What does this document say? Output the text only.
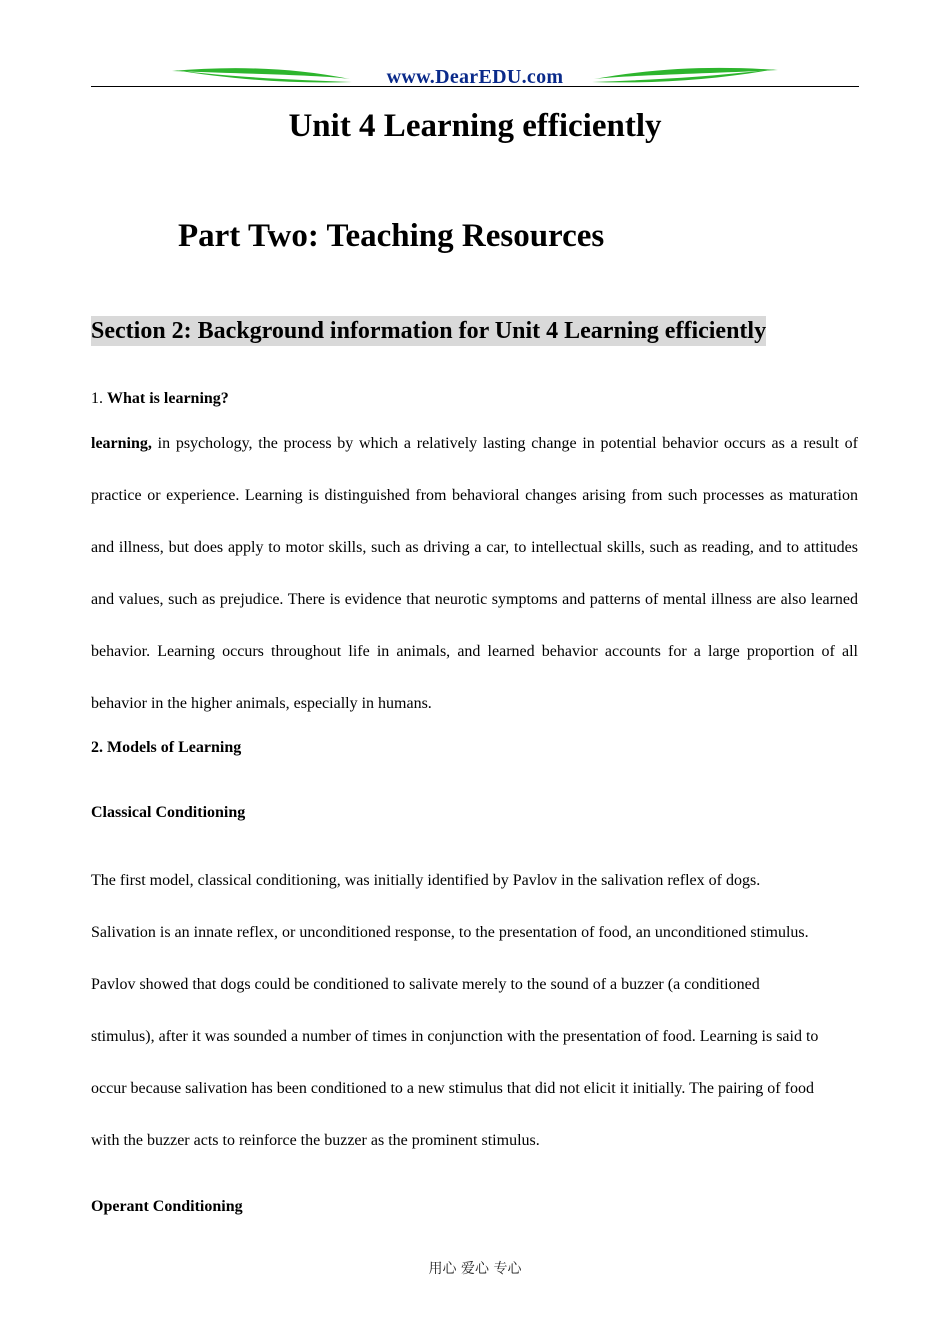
www.DearEDU.com
Unit 4 Learning efficiently
Part Two: Teaching Resources
Section 2: Background information for Unit 4 Learning efficiently
1. What is learning?
learning, in psychology, the process by which a relatively lasting change in potential behavior occurs as a result of practice or experience. Learning is distinguished from behavioral changes arising from such processes as maturation and illness, but does apply to motor skills, such as driving a car, to intellectual skills, such as reading, and to attitudes and values, such as prejudice. There is evidence that neurotic symptoms and patterns of mental illness are also learned behavior. Learning occurs throughout life in animals, and learned behavior accounts for a large proportion of all behavior in the higher animals, especially in humans.
2. Models of Learning
Classical Conditioning
The first model, classical conditioning, was initially identified by Pavlov in the salivation reflex of dogs.
Salivation is an innate reflex, or unconditioned response, to the presentation of food, an unconditioned stimulus.
Pavlov showed that dogs could be conditioned to salivate merely to the sound of a buzzer (a conditioned
stimulus), after it was sounded a number of times in conjunction with the presentation of food. Learning is said to
occur because salivation has been conditioned to a new stimulus that did not elicit it initially. The pairing of food
with the buzzer acts to reinforce the buzzer as the prominent stimulus.
Operant Conditioning
用心 爱心 专心
